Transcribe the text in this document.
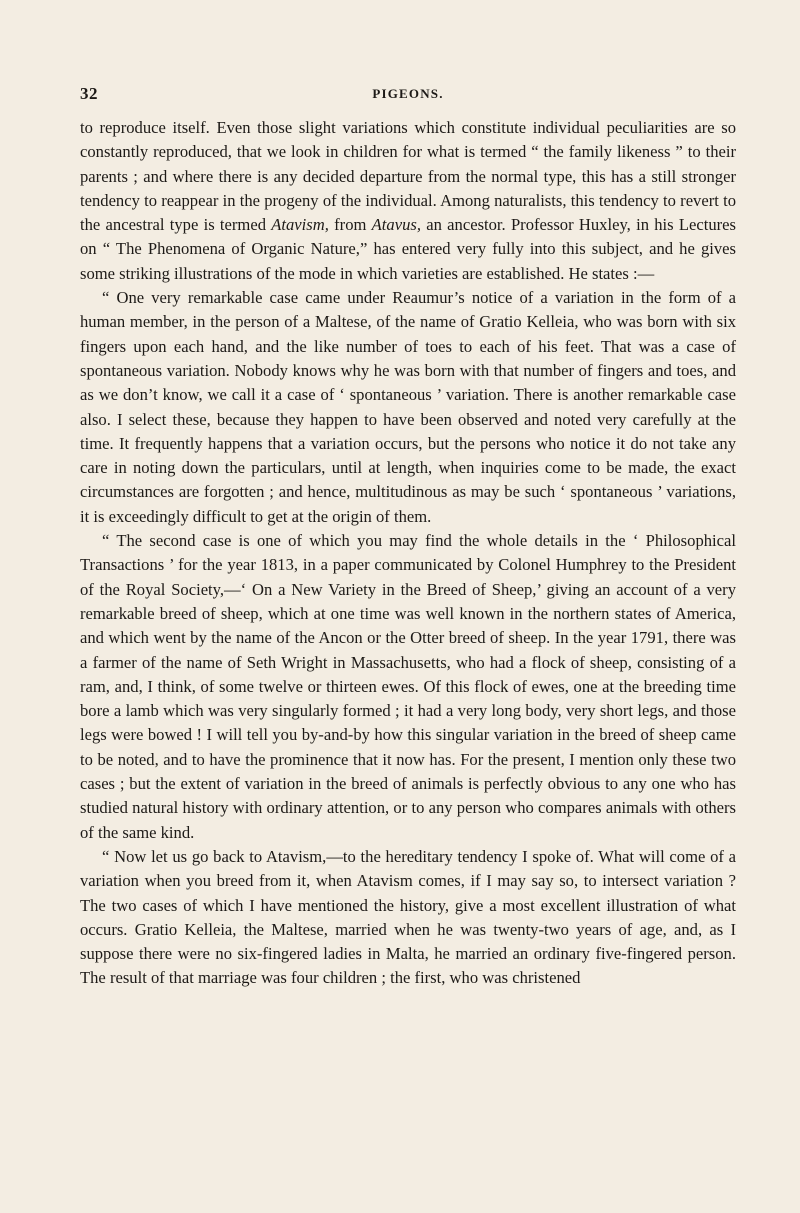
32	PIGEONS.

to reproduce itself. Even those slight variations which constitute individual peculiarities are so constantly reproduced, that we look in children for what is termed “ the family likeness ” to their parents ; and where there is any decided departure from the normal type, this has a still stronger tendency to reappear in the progeny of the individual. Among naturalists, this tendency to revert to the ancestral type is termed Atavism, from Atavus, an ancestor. Professor Huxley, in his Lectures on “ The Phenomena of Organic Nature,” has entered very fully into this subject, and he gives some striking illustrations of the mode in which varieties are established. He states :—

“ One very remarkable case came under Reaumur’s notice of a variation in the form of a human member, in the person of a Maltese, of the name of Gratio Kelleia, who was born with six fingers upon each hand, and the like number of toes to each of his feet. That was a case of spontaneous variation. Nobody knows why he was born with that number of fingers and toes, and as we don’t know, we call it a case of ‘ spontaneous ’ variation. There is another remarkable case also. I select these, because they happen to have been observed and noted very carefully at the time. It frequently happens that a variation occurs, but the persons who notice it do not take any care in noting down the particulars, until at length, when inquiries come to be made, the exact circumstances are forgotten ; and hence, multitudinous as may be such ‘ spontaneous ’ variations, it is exceedingly difficult to get at the origin of them.

“ The second case is one of which you may find the whole details in the ‘ Philosophical Transactions ’ for the year 1813, in a paper communicated by Colonel Humphrey to the President of the Royal Society,—‘ On a New Variety in the Breed of Sheep,’ giving an account of a very remarkable breed of sheep, which at one time was well known in the northern states of America, and which went by the name of the Ancon or the Otter breed of sheep. In the year 1791, there was a farmer of the name of Seth Wright in Massachusetts, who had a flock of sheep, consisting of a ram, and, I think, of some twelve or thirteen ewes. Of this flock of ewes, one at the breeding time bore a lamb which was very singularly formed ; it had a very long body, very short legs, and those legs were bowed ! I will tell you by-and-by how this singular variation in the breed of sheep came to be noted, and to have the prominence that it now has. For the present, I mention only these two cases ; but the extent of variation in the breed of animals is perfectly obvious to any one who has studied natural history with ordinary attention, or to any person who compares animals with others of the same kind.

“ Now let us go back to Atavism,—to the hereditary tendency I spoke of. What will come of a variation when you breed from it, when Atavism comes, if I may say so, to intersect variation ? The two cases of which I have mentioned the history, give a most excellent illustration of what occurs. Gratio Kelleia, the Maltese, married when he was twenty-two years of age, and, as I suppose there were no six-fingered ladies in Malta, he married an ordinary five-fingered person. The result of that marriage was four children ; the first, who was christened
